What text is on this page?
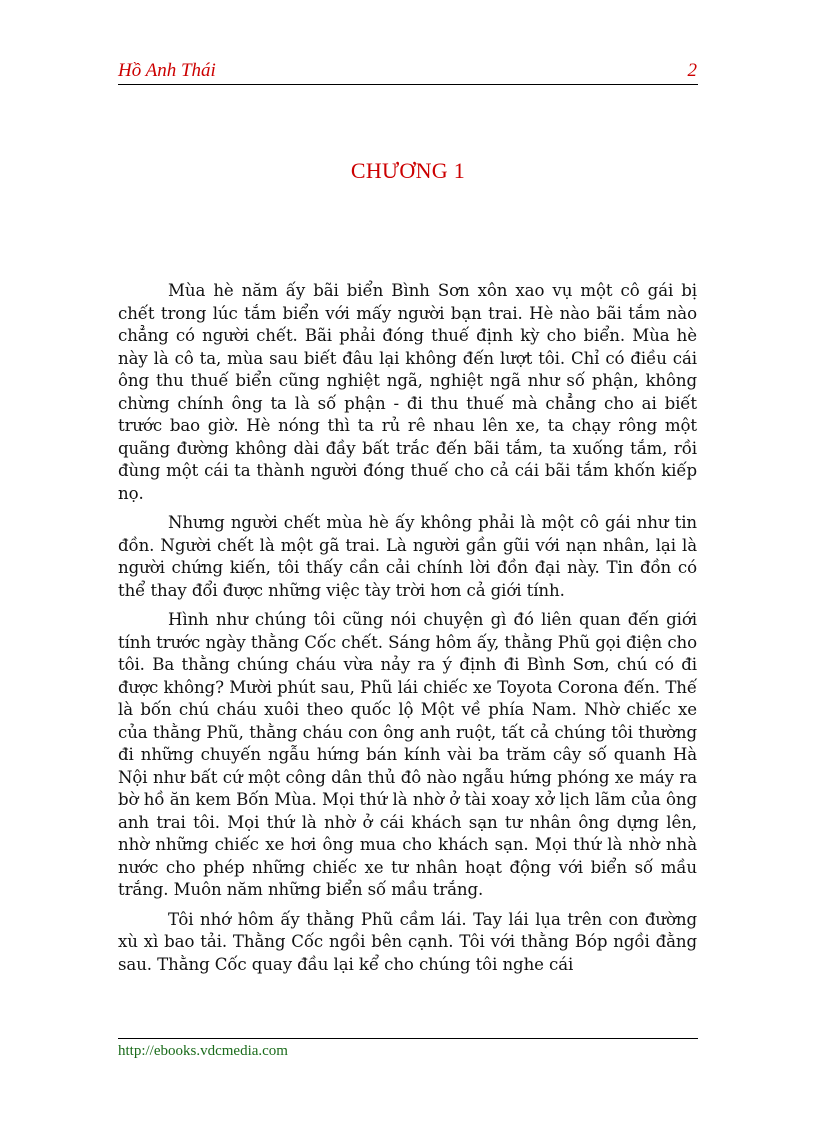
Hồ Anh Thái	2
CHƯƠNG 1

Mùa hè năm ấy bãi biển Bình Sơn xôn xao vụ một cô gái bị chết trong lúc tắm biển với mấy người bạn trai. Hè nào bãi tắm nào chẳng có người chết. Bãi phải đóng thuế định kỳ cho biển. Mùa hè này là cô ta, mùa sau biết đâu lại không đến lượt tôi. Chỉ có điều cái ông thu thuế biển cũng nghiệt ngã, nghiệt ngã như số phận, không chừng chính ông ta là số phận - đi thu thuế mà chẳng cho ai biết trước bao giờ. Hè nóng thì ta rủ rê nhau lên xe, ta chạy rông một quãng đường không dài đầy bất trắc đến bãi tắm, ta xuống tắm, rồi đùng một cái ta thành người đóng thuế cho cả cái bãi tắm khốn kiếp nọ.

Nhưng người chết mùa hè ấy không phải là một cô gái như tin đồn. Người chết là một gã trai. Là người gần gũi với nạn nhân, lại là người chứng kiến, tôi thấy cần cải chính lời đồn đại này. Tin đồn có thể thay đổi được những việc tày trời hơn cả giới tính.

Hình như chúng tôi cũng nói chuyện gì đó liên quan đến giới tính trước ngày thằng Cốc chết. Sáng hôm ấy, thằng Phũ gọi điện cho tôi. Ba thằng chúng cháu vừa nảy ra ý định đi Bình Sơn, chú có đi được không? Mười phút sau, Phũ lái chiếc xe Toyota Corona đến. Thế là bốn chú cháu xuôi theo quốc lộ Một về phía Nam. Nhờ chiếc xe của thằng Phũ, thằng cháu con ông anh ruột, tất cả chúng tôi thường đi những chuyến ngẫu hứng bán kính vài ba trăm cây số quanh Hà Nội như bất cứ một công dân thủ đô nào ngẫu hứng phóng xe máy ra bờ hồ ăn kem Bốn Mùa. Mọi thứ là nhờ ở tài xoay xở lịch lãm của ông anh trai tôi. Mọi thứ là nhờ ở cái khách sạn tư nhân ông dựng lên, nhờ những chiếc xe hơi ông mua cho khách sạn. Mọi thứ là nhờ nhà nước cho phép những chiếc xe tư nhân hoạt động với biển số mầu trắng. Muôn năm những biển số mầu trắng.

Tôi nhớ hôm ấy thằng Phũ cầm lái. Tay lái lụa trên con đường xù xì bao tải. Thằng Cốc ngồi bên cạnh. Tôi với thằng Bóp ngồi đằng sau. Thằng Cốc quay đầu lại kể cho chúng tôi nghe cái

http://ebooks.vdcmedia.com
